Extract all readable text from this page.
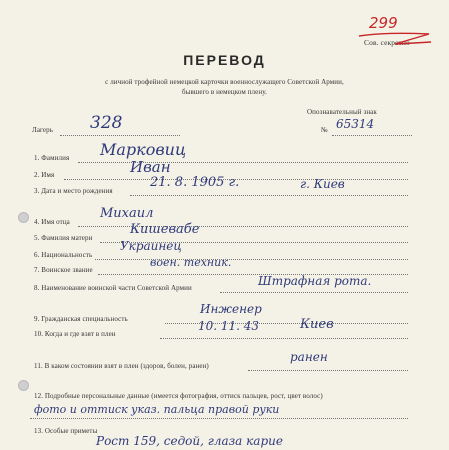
299
Сов. секретно
ПЕРЕВОД
с личной трофейной немецкой карточки военнослужащего Советской Армии,
бывшего в немецком плену.
Лагерь 328
Опознавательный знак
№ 65314
1. Фамилия Марковиц
2. Имя	Иван
3. Дата и место рождения
21. 8. 1905 г.	г. Киев
4. Имя отца
Михаил
5. Фамилия матери
Кишевабе
6. Национальность
Украинец
7. Воинское звание
воен. техник.
8. Наименование воинской части Советской Армии	Штрафная рота.
9. Гражданская специальность
Инженер
10. Когда и где взят в плен
10. 11. 43	Киев
11. В каком состоянии взят в плен (здоров, болен, ранен)
ранен
12. Подробные персональные данные (имеется фотография, оттиск пальцев, рост, цвет волос)
фото и оттиск указ. пальца правой руки
13. Особые приметы
Рост 159, седой, глаза карие
